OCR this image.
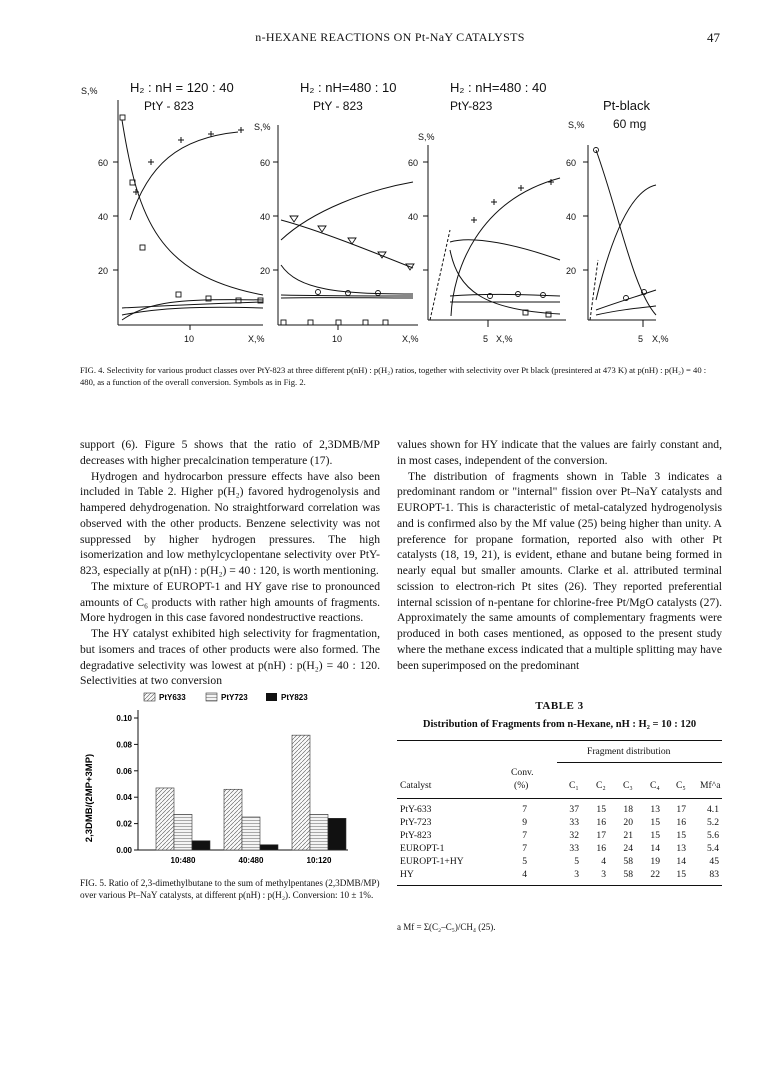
n-HEXANE REACTIONS ON Pt-NaY CATALYSTS	47
S,% H₂ : nH = 120 : 40
PtY - 823
60
40
20
10	X,%
S,%
H₂ : nH=480 : 10
PtY - 823
60
40
20
10	X,%
S,%
H₂ : nH=480 : 40
PtY-823
60
40
5 X,%
S,%
Pt-black
60 mg
60
40
20
5 X,%
FIG. 4. Selectivity for various product classes over PtY-823 at three different p(nH) : p(H₂) ratios, together with selectivity over Pt black (presintered at 473 K) at p(nH) : p(H₂) = 40 : 480, as a function of the overall conversion. Symbols as in Fig. 2.

support (6). Figure 5 shows that the ratio of 2,3DMB/MP decreases with higher precalcination temperature (17).

Hydrogen and hydrocarbon pressure effects have also been included in Table 2. Higher p(H₂) favored hydrogenolysis and hampered dehydrogenation. No straightforward correlation was observed with the other products. Benzene selectivity was not suppressed by higher hydrogen pressures. The high isomerization and low methylcyclopentane selectivity over PtY-823, especially at p(nH) : p(H₂) = 40 : 120, is worth mentioning.

The mixture of EUROPT-1 and HY gave rise to pronounced amounts of C₆ products with rather high amounts of fragments. More hydrogen in this case favored nondestructive reactions.

The HY catalyst exhibited high selectivity for fragmentation, but isomers and traces of other products were also formed. The degradative selectivity was lowest at p(nH) : p(H₂) = 40 : 120. Selectivities at two conversion

values shown for HY indicate that the values are fairly constant and, in most cases, independent of the conversion.

The distribution of fragments shown in Table 3 indicates a predominant random or "internal" fission over Pt–NaY catalysts and EUROPT-1. This is characteristic of metal-catalyzed hydrogenolysis and is confirmed also by the Mf value (25) being higher than unity. A preference for propane formation, reported also with other Pt catalysts (18, 19, 21), is evident, ethane and butane being formed in nearly equal but smaller amounts. Clarke et al. attributed terminal scission to electron-rich Pt sites (26). They reported preferential internal scission of n-pentane for chlorine-free Pt/MgO catalysts (27). Approximately the same amounts of complementary fragments were produced in both cases mentioned, as opposed to the present study where the methane excess indicated that a multiple splitting may have been superimposed on the predominant

PtY633	PtY723	PtY823
2,3DMB/(2MP+3MP)
0.00
0.02
0.04
0.06
0.08
0.10
10:480	40:480	10:120
FIG. 5. Ratio of 2,3-dimethylbutane to the sum of methylpentanes (2,3DMB/MP) over various Pt–NaY catalysts, at different p(nH) : p(H₂). Conversion: 10 ± 1%.
TABLE 3
Distribution of Fragments from n-Hexane, nH : H₂ = 10 : 120
Fragment distribution
Conv.
Catalyst	(%)	C₁ C₂ C₃ C₄ C₅ Mf^a
PtY-633	7	37	15	18	13	17	4.1
PtY-723	9	33	16	20	15	16	5.2
PtY-823	7	32	17	21	15	15	5.6
EUROPT-1	7	33	16	24	14	13	5.4
EUROPT-1+HY	5	5	4	58	19	14	45
HY	4	3	3	58	22	15	83
a Mf = Σ(C₂–C₅)/CH₄ (25).
